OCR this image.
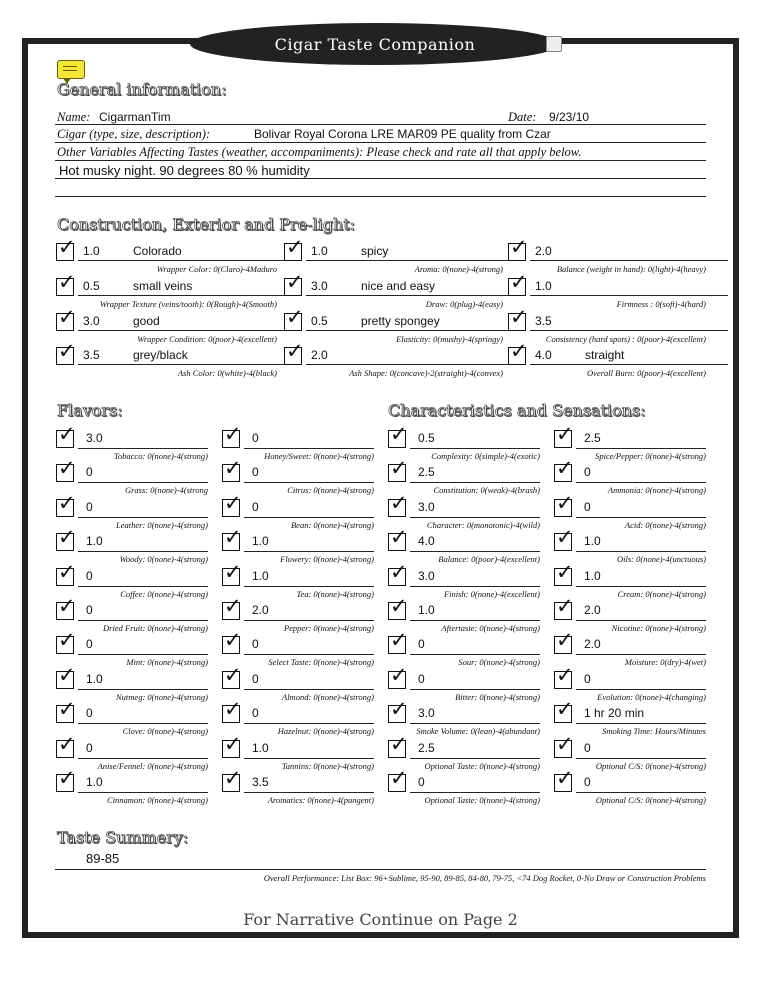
Cigar Taste Companion
General information:
Name: CigarmanTim	Date: 9/23/10
Cigar (type, size, description):	Bolivar Royal Corona LRE MAR09 PE quality from Czar
Other Variables Affecting Tastes (weather, accompaniments): Please check and rate all that apply below.
Hot musky night. 90 degrees 80 % humidity
Construction, Exterior and Pre-light:
✓ 1.0	Colorado
Wrapper Color: 0(Claro)-4Maduro
✓ 1.0	spicy
Aroma: 0(none)-4(strong)
✓ 2.0
Balance (weight in hand): 0(light)-4(heavy)
✓ 0.5	small veins
Wrapper Texture (veins/tooth): 0(Rough)-4(Smooth)
✓ 3.0	nice and easy
Draw: 0(plug)-4(easy)
✓ 1.0
Firmness : 0(soft)-4(hard)
✓ 3.0	good
Wrapper Condition: 0(poor)-4(excellent)
✓ 0.5	pretty spongey
Elasticity: 0(mushy)-4(springy)
✓ 3.5
Consistency (hard spots) : 0(poor)-4(excellent)
✓ 3.5	grey/black
Ash Color: 0(white)-4(black)
✓ 2.0
Ash Shape: 0(concave)-2(straight)-4(convex)
✓ 4.0	straight
Overall Burn: 0(poor)-4(excellent)
Flavors:	Characteristics and Sensations:
✓ 3.0
Tobacco: 0(none)-4(strong)
✓ 0
Grass: 0(none)-4(strong
✓ 0
Leather: 0(none)-4(strong)
✓ 1.0
Woody: 0(none)-4(strong)
✓ 0
Coffee: 0(none)-4(strong)
✓ 0
Dried Fruit: 0(none)-4(strong)
✓ 0
Mint: 0(none)-4(strong)
✓ 1.0
Nutmeg: 0(none)-4(strong)
✓ 0
Clove: 0(none)-4(strong)
✓ 0
Anise/Fennel: 0(none)-4(strong)
✓ 1.0
Cinnamon: 0(none)-4(strong)
✓ 0
Honey/Sweet: 0(none)-4(strong)
✓ 0
Citrus: 0(none)-4(strong)
✓ 0
Bean: 0(none)-4(strong)
✓ 1.0
Flowery: 0(none)-4(strong)
✓ 1.0
Tea: 0(none)-4(strong)
✓ 2.0
Pepper: 0(none)-4(strong)
✓ 0
Select Taste: 0(none)-4(strong)
✓ 0
Almond: 0(none)-4(strong)
✓ 0
Hazelnut: 0(none)-4(strong)
✓ 1.0
Tannins: 0(none)-4(strong)
✓ 3.5
Aromatics: 0(none)-4(pungent)
✓ 0.5
Complexity: 0(simple)-4(exotic)
✓ 2.5
Constitution: 0(weak)-4(brash)
✓ 3.0
Character: 0(monotonic)-4(wild)
✓ 4.0
Balance: 0(poor)-4(excellent)
✓ 3.0
Finish: 0(none)-4(excellent)
✓ 1.0
Aftertaste: 0(none)-4(strong)
✓ 0
Sour: 0(none)-4(strong)
✓ 0
Bitter: 0(none)-4(strong)
✓ 3.0
Smoke Volume: 0(lean)-4(abundant)
✓ 2.5
Optional Taste: 0(none)-4(strong)
✓ 0
Optional Taste: 0(none)-4(strong)
✓ 2.5
Spice/Pepper: 0(none)-4(strong)
✓ 0
Ammonia: 0(none)-4(strong)
✓ 0
Acid: 0(none)-4(strong)
✓ 1.0
Oils: 0(none)-4(unctuous)
✓ 1.0
Cream: 0(none)-4(strong)
✓ 2.0
Nicotine: 0(none)-4(strong)
✓ 2.0
Moisture: 0(dry)-4(wet)
✓ 0
Evolution: 0(none)-4(changing)
✓ 1 hr 20 min
Smoking Time: Hours/Minutes
✓ 0
Optional C/S: 0(none)-4(strong)
✓ 0
Optional C/S: 0(none)-4(strong)
Taste Summery:
89-85
Overall Performance: List Box: 96+Sublime, 95-90, 89-85, 84-80, 79-75, <74 Dog Rocket, 0-No Draw or Construction Problems
For Narrative Continue on Page 2
